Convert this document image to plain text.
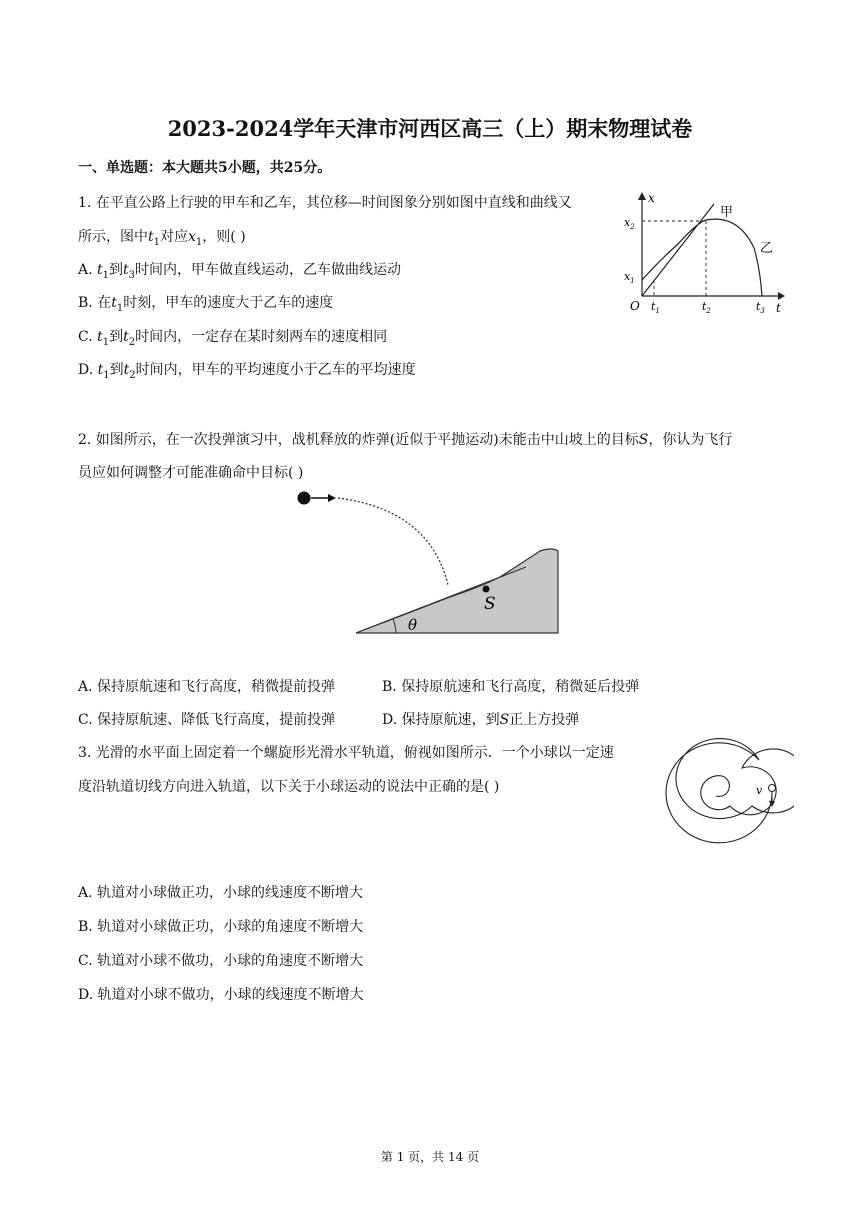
2023-2024学年天津市河西区高三（上）期末物理试卷
一、单选题：本大题共5小题，共25分。
1. 在平直公路上行驶的甲车和乙车，其位移—时间图象分别如图中直线和曲线又
所示，图中$t_1$对应$x_1$，则( )
A. $t_1$到$t_3$时间内，甲车做直线运动，乙车做曲线运动
B. 在$t_1$时刻，甲车的速度大于乙车的速度
C. $t_1$到$t_2$时间内，一定存在某时刻两车的速度相同
D. $t_1$到$t_2$时间内，甲车的平均速度小于乙车的平均速度
x
t
O
$x_2$
$x_1$
$t_1$	$t_2$	$t_3$
甲
乙
2. 如图所示，在一次投弹演习中，战机释放的炸弹(近似于平抛运动)未能击中山坡上的目标S，你认为飞行
员应如何调整才可能准确命中目标( )
S
θ
A. 保持原航速和飞行高度，稍微提前投弹	B. 保持原航速和飞行高度，稍微延后投弹
C. 保持原航速、降低飞行高度，提前投弹	D. 保持原航速，到S正上方投弹
3. 光滑的水平面上固定着一个螺旋形光滑水平轨道，俯视如图所示．一个小球以一定速
度沿轨道切线方向进入轨道，以下关于小球运动的说法中正确的是( )	v
A. 轨道对小球做正功，小球的线速度不断增大
B. 轨道对小球做正功，小球的角速度不断增大
C. 轨道对小球不做功，小球的角速度不断增大
D. 轨道对小球不做功，小球的线速度不断增大
第 1 页，共 14 页
